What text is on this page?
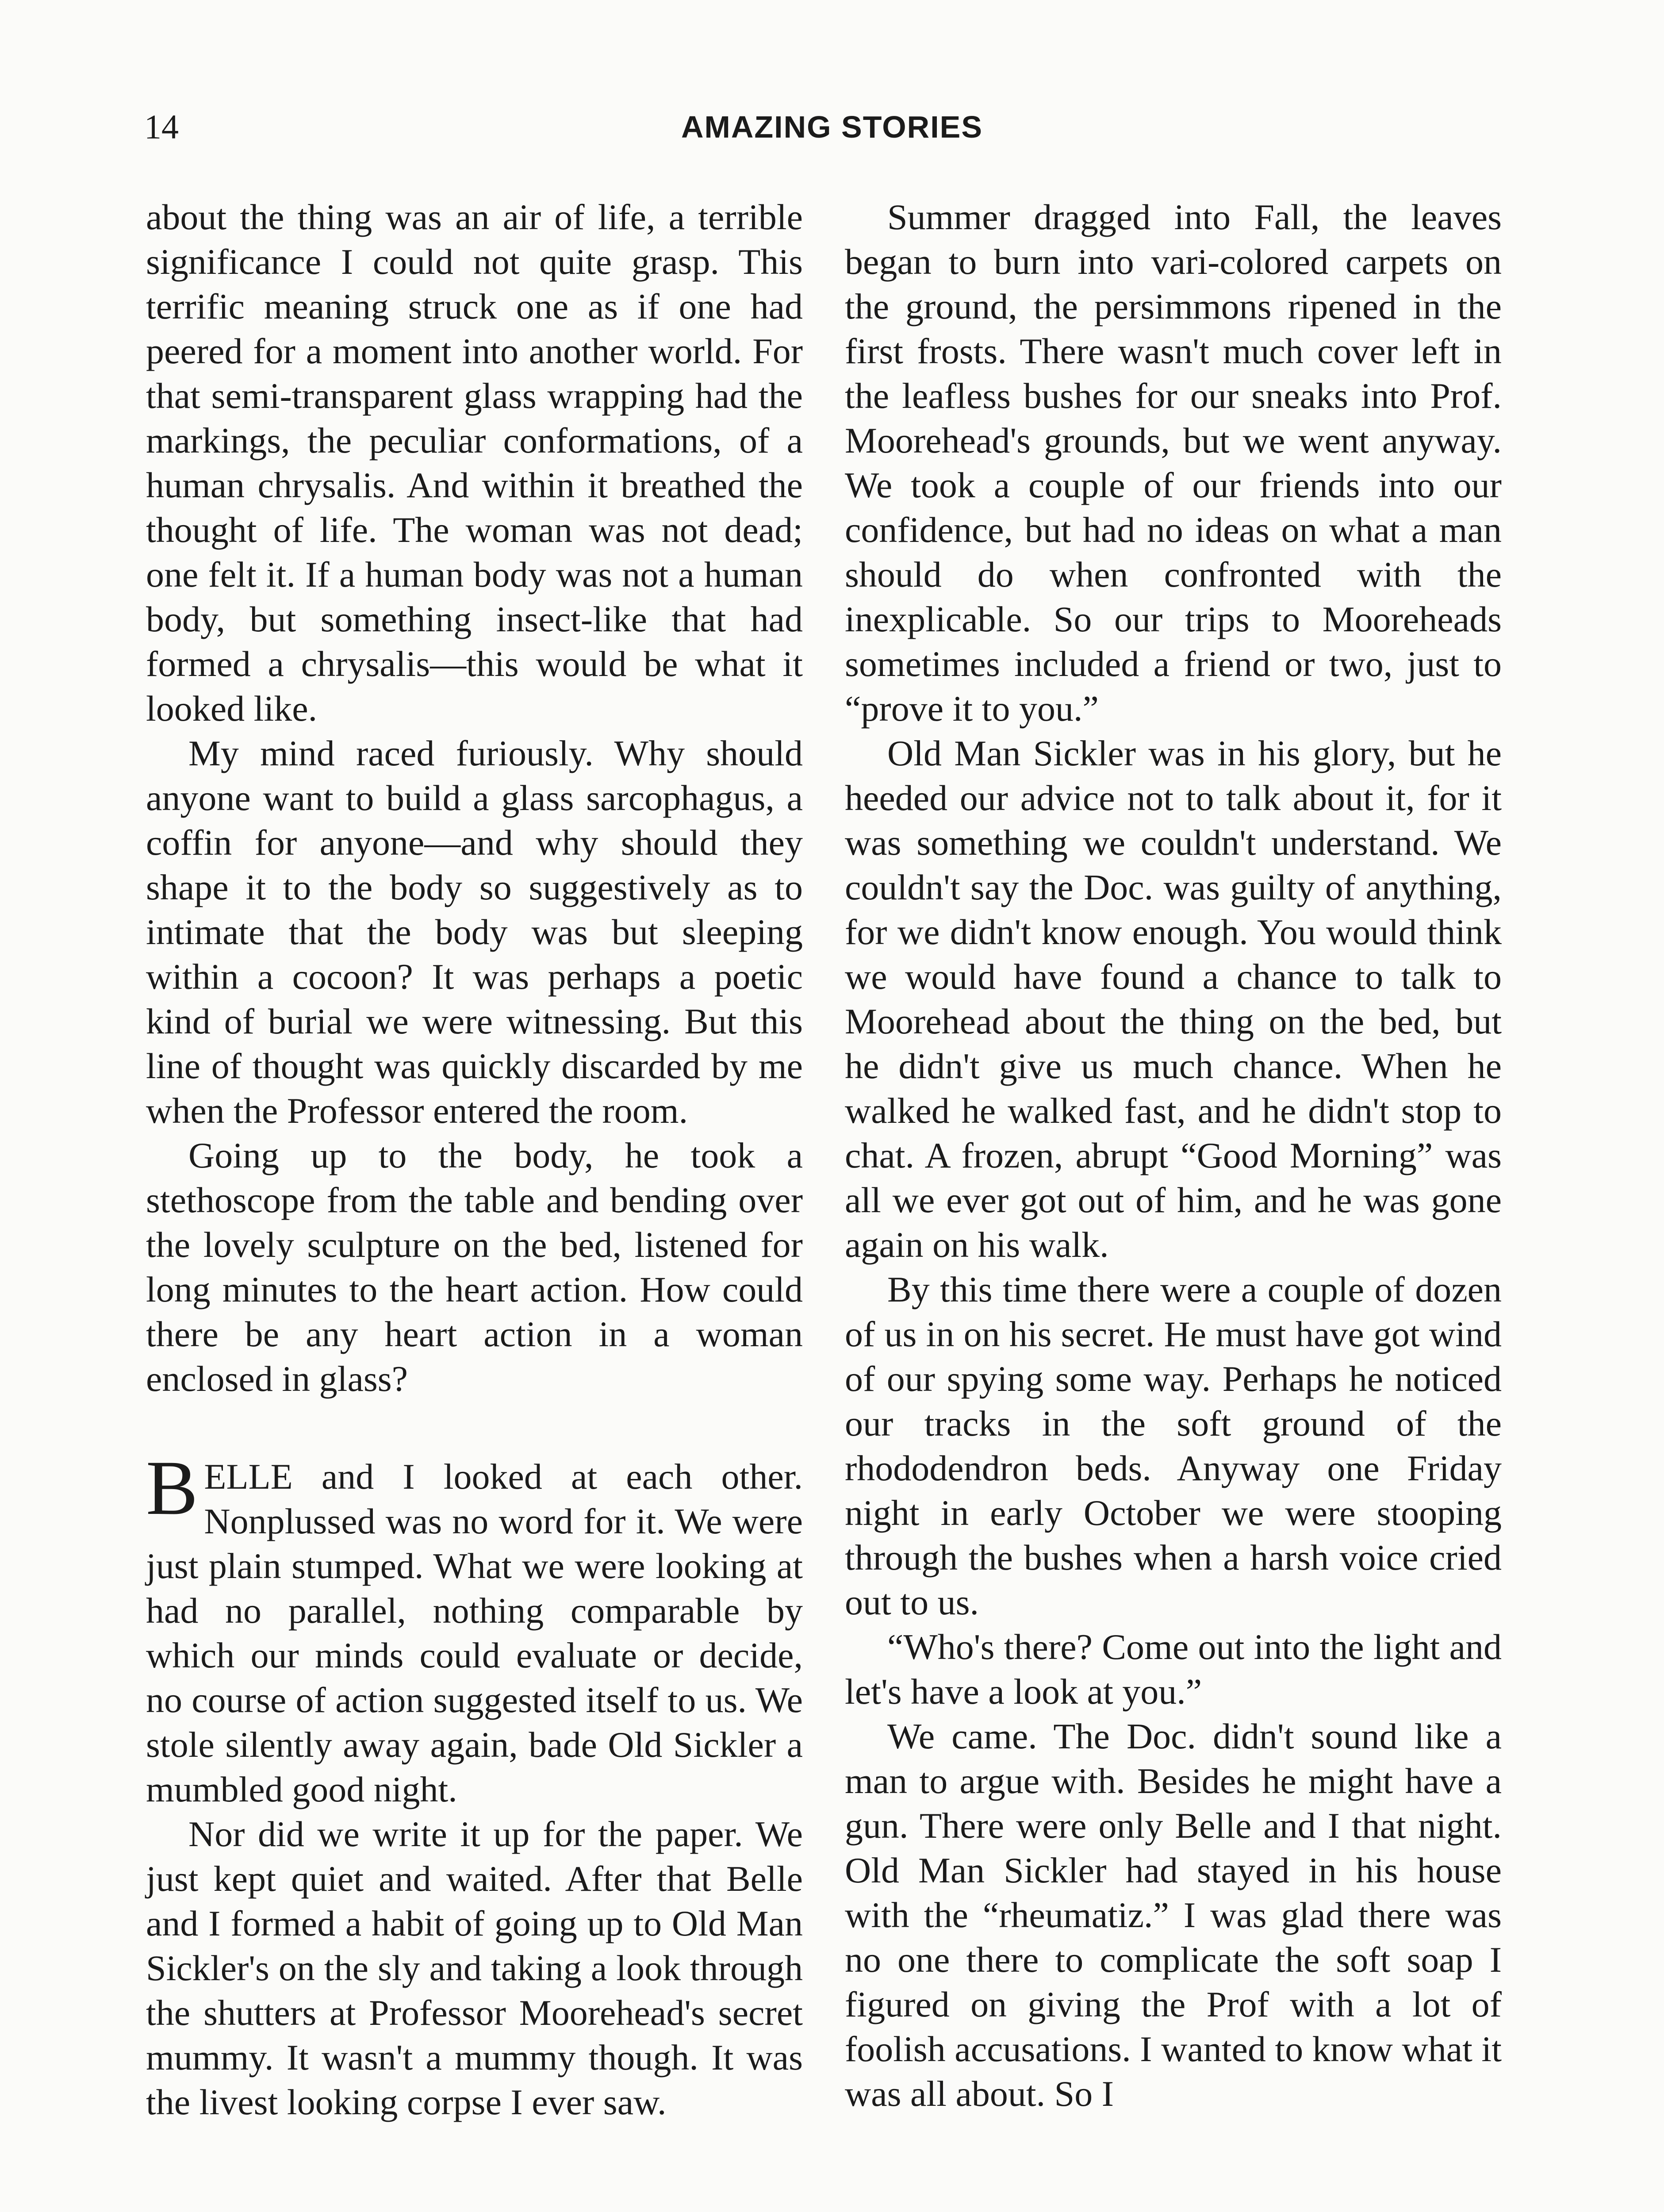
14	AMAZING STORIES

about the thing was an air of life, a terrible significance I could not quite grasp. This terrific meaning struck one as if one had peered for a moment into another world. For that semi-transparent glass wrapping had the markings, the peculiar conformations, of a human chrysalis. And within it breathed the thought of life. The woman was not dead; one felt it. If a human body was not a human body, but something insect-like that had formed a chrysalis—this would be what it looked like.

My mind raced furiously. Why should anyone want to build a glass sarcophagus, a coffin for anyone—and why should they shape it to the body so suggestively as to intimate that the body was but sleeping within a cocoon? It was perhaps a poetic kind of burial we were witnessing. But this line of thought was quickly discarded by me when the Professor entered the room.

Going up to the body, he took a stethoscope from the table and bending over the lovely sculpture on the bed, listened for long minutes to the heart action. How could there be any heart action in a woman enclosed in glass?

BELLE and I looked at each other. Nonplussed was no word for it. We were just plain stumped. What we were looking at had no parallel, nothing comparable by which our minds could evaluate or decide, no course of action suggested itself to us. We stole silently away again, bade Old Sickler a mumbled good night.

Nor did we write it up for the paper. We just kept quiet and waited. After that Belle and I formed a habit of going up to Old Man Sickler's on the sly and taking a look through the shutters at Professor Moorehead's secret mummy. It wasn't a mummy though. It was the livest looking corpse I ever saw.

Summer dragged into Fall, the leaves began to burn into vari-colored carpets on the ground, the persimmons ripened in the first frosts. There wasn't much cover left in the leafless bushes for our sneaks into Prof. Moorehead's grounds, but we went anyway. We took a couple of our friends into our confidence, but had no ideas on what a man should do when confronted with the inexplicable. So our trips to Mooreheads sometimes included a friend or two, just to “prove it to you.”

Old Man Sickler was in his glory, but he heeded our advice not to talk about it, for it was something we couldn't understand. We couldn't say the Doc. was guilty of anything, for we didn't know enough. You would think we would have found a chance to talk to Moorehead about the thing on the bed, but he didn't give us much chance. When he walked he walked fast, and he didn't stop to chat. A frozen, abrupt “Good Morning” was all we ever got out of him, and he was gone again on his walk.

By this time there were a couple of dozen of us in on his secret. He must have got wind of our spying some way. Perhaps he noticed our tracks in the soft ground of the rhododendron beds. Anyway one Friday night in early October we were stooping through the bushes when a harsh voice cried out to us.

“Who's there? Come out into the light and let's have a look at you.”

We came. The Doc. didn't sound like a man to argue with. Besides he might have a gun. There were only Belle and I that night. Old Man Sickler had stayed in his house with the “rheumatiz.” I was glad there was no one there to complicate the soft soap I figured on giving the Prof with a lot of foolish accusations. I wanted to know what it was all about. So I
